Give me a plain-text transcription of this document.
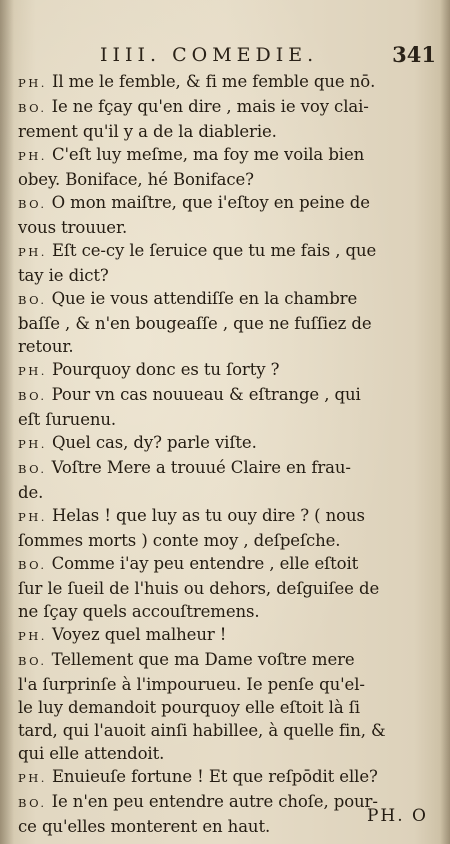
IIII. COMEDIE.	341
PH. Il me le femble, & fi me femble que nō.
BO. Ie ne fçay qu'en dire , mais ie voy clai-
rement qu'il y a de la diablerie.
PH. C'eſt luy meſme, ma foy me voila bien
obey. Boniface, hé Boniface?
BO. O mon maiſtre, que i'eſtoy en peine de
vous trouuer.
PH. Eſt ce-cy le ſeruice que tu me fais , que
tay ie dict?
BO. Que ie vous attendiſſe en la chambre
baſſe , & n'en bougeaſſe , que ne fuſſiez de
retour.
PH. Pourquoy donc es tu ſorty ?
BO. Pour vn cas nouueau & eſtrange , qui
eſt ſuruenu.
PH. Quel cas, dy? parle viſte.
BO. Voſtre Mere a trouué Claire en frau-
de.
PH. Helas ! que luy as tu ouy dire ? ( nous
ſommes morts ) conte moy , deſpeſche.
BO. Comme i'ay peu entendre , elle eſtoit
ſur le ſueil de l'huis ou dehors, deſguiſee de
ne ſçay quels accouſtremens.
PH. Voyez quel malheur !
BO. Tellement que ma Dame voſtre mere
l'a ſurprinſe à l'impourueu. Ie penſe qu'el-
le luy demandoit pourquoy elle eſtoit là ſi
tard, qui l'auoit ainſi habillee, à quelle fin, &
qui elle attendoit.
PH. Enuieuſe fortune ! Et que reſpōdit elle?
BO. Ie n'en peu entendre autre choſe, pour-
ce qu'elles monterent en haut.
PH. O
